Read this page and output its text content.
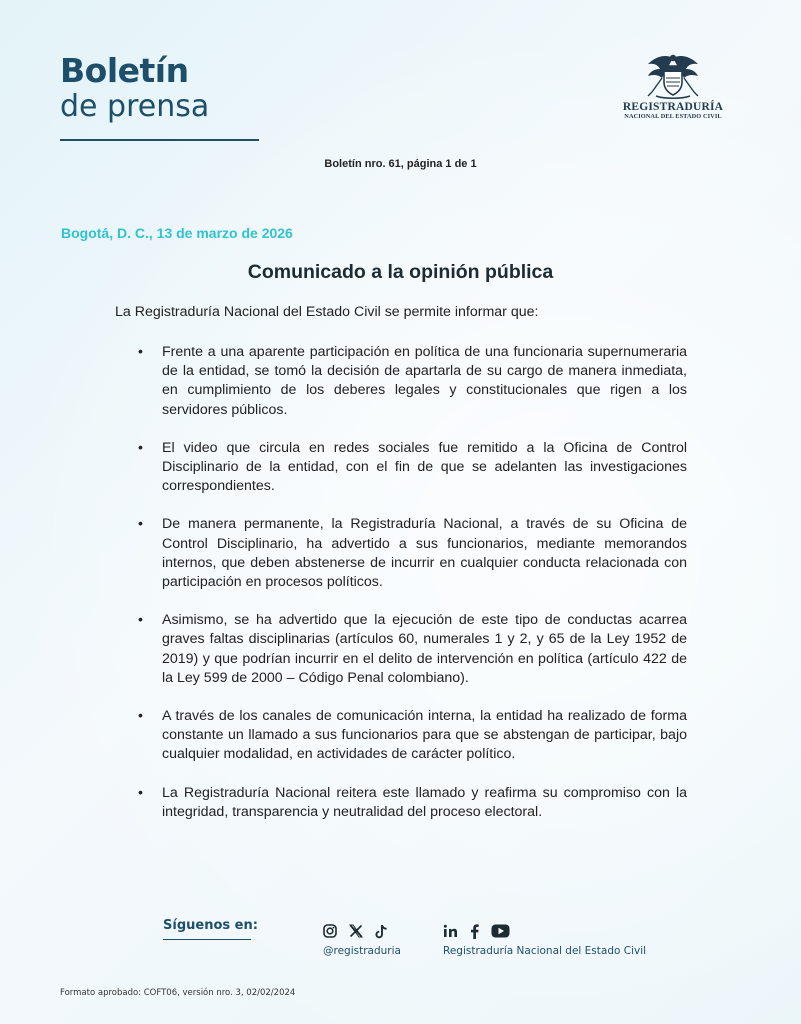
Boletín
de prensa	REGISTRADURÍA
NACIONAL DEL ESTADO CIVIL
Boletín nro. 61, página 1 de 1
Bogotá, D. C., 13 de marzo de 2026
Comunicado a la opinión pública
La Registraduría Nacional del Estado Civil se permite informar que:
• Frente a una aparente participación en política de una funcionaria supernumeraria de la entidad, se tomó la decisión de apartarla de su cargo de manera inmediata, en cumplimiento de los deberes legales y constitucionales que rigen a los servidores públicos.
• El video que circula en redes sociales fue remitido a la Oficina de Control Disciplinario de la entidad, con el fin de que se adelanten las investigaciones correspondientes.
• De manera permanente, la Registraduría Nacional, a través de su Oficina de Control Disciplinario, ha advertido a sus funcionarios, mediante memorandos internos, que deben abstenerse de incurrir en cualquier conducta relacionada con participación en procesos políticos.
• Asimismo, se ha advertido que la ejecución de este tipo de conductas acarrea graves faltas disciplinarias (artículos 60, numerales 1 y 2, y 65 de la Ley 1952 de 2019) y que podrían incurrir en el delito de intervención en política (artículo 422 de la Ley 599 de 2000 – Código Penal colombiano).
• A través de los canales de comunicación interna, la entidad ha realizado de forma constante un llamado a sus funcionarios para que se abstengan de participar, bajo cualquier modalidad, en actividades de carácter político.
• La Registraduría Nacional reitera este llamado y reafirma su compromiso con la integridad, transparencia y neutralidad del proceso electoral.
Síguenos en:
@registraduria	Registraduría Nacional del Estado Civil
Formato aprobado: COFT06, versión nro. 3, 02/02/2024
